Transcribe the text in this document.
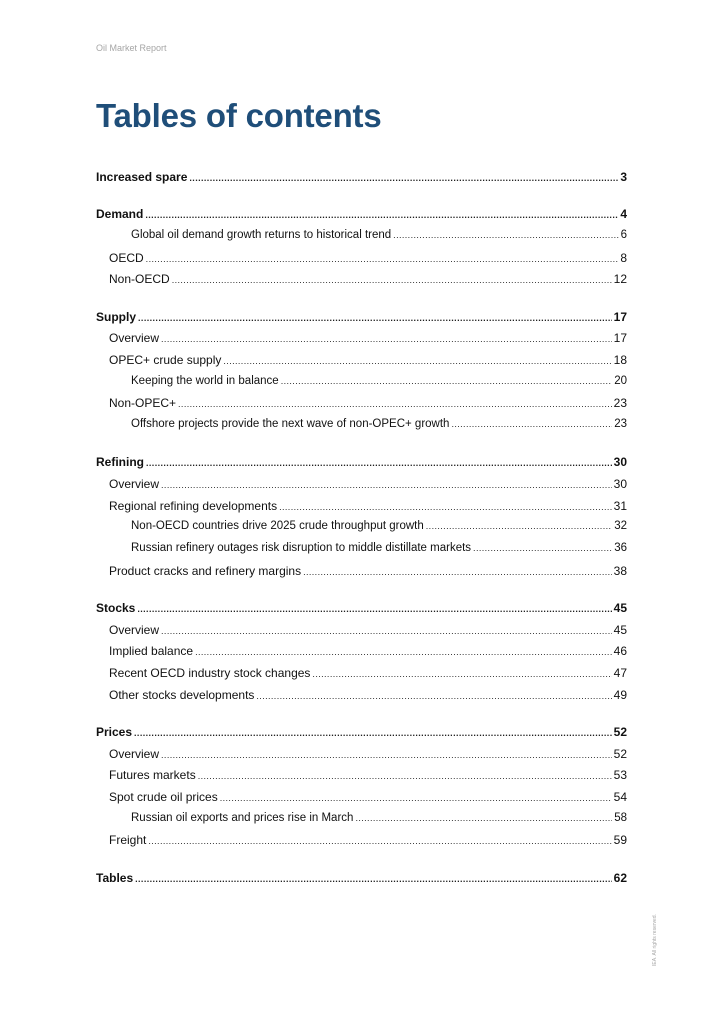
Oil Market Report
Tables of contents
Increased spare .....	3
Demand .....	4
Global oil demand growth returns to historical trend .....	6
OECD .....	8
Non-OECD .....	12
Supply .....	17
Overview .....	17
OPEC+ crude supply .....	18
Keeping the world in balance .....	20
Non-OPEC+ .....	23
Offshore projects provide the next wave of non-OPEC+ growth .....	23
Refining .....	30
Overview .....	30
Regional refining developments .....	31
Non-OECD countries drive 2025 crude throughput growth .....	32
Russian refinery outages risk disruption to middle distillate markets .....	36
Product cracks and refinery margins .....	38
Stocks .....	45
Overview .....	45
Implied balance .....	46
Recent OECD industry stock changes .....	47
Other stocks developments .....	49
Prices .....	52
Overview .....	52
Futures markets .....	53
Spot crude oil prices .....	54
Russian oil exports and prices rise in March .....	58
Freight .....	59
Tables .....	62
IEA. All rights reserved.
